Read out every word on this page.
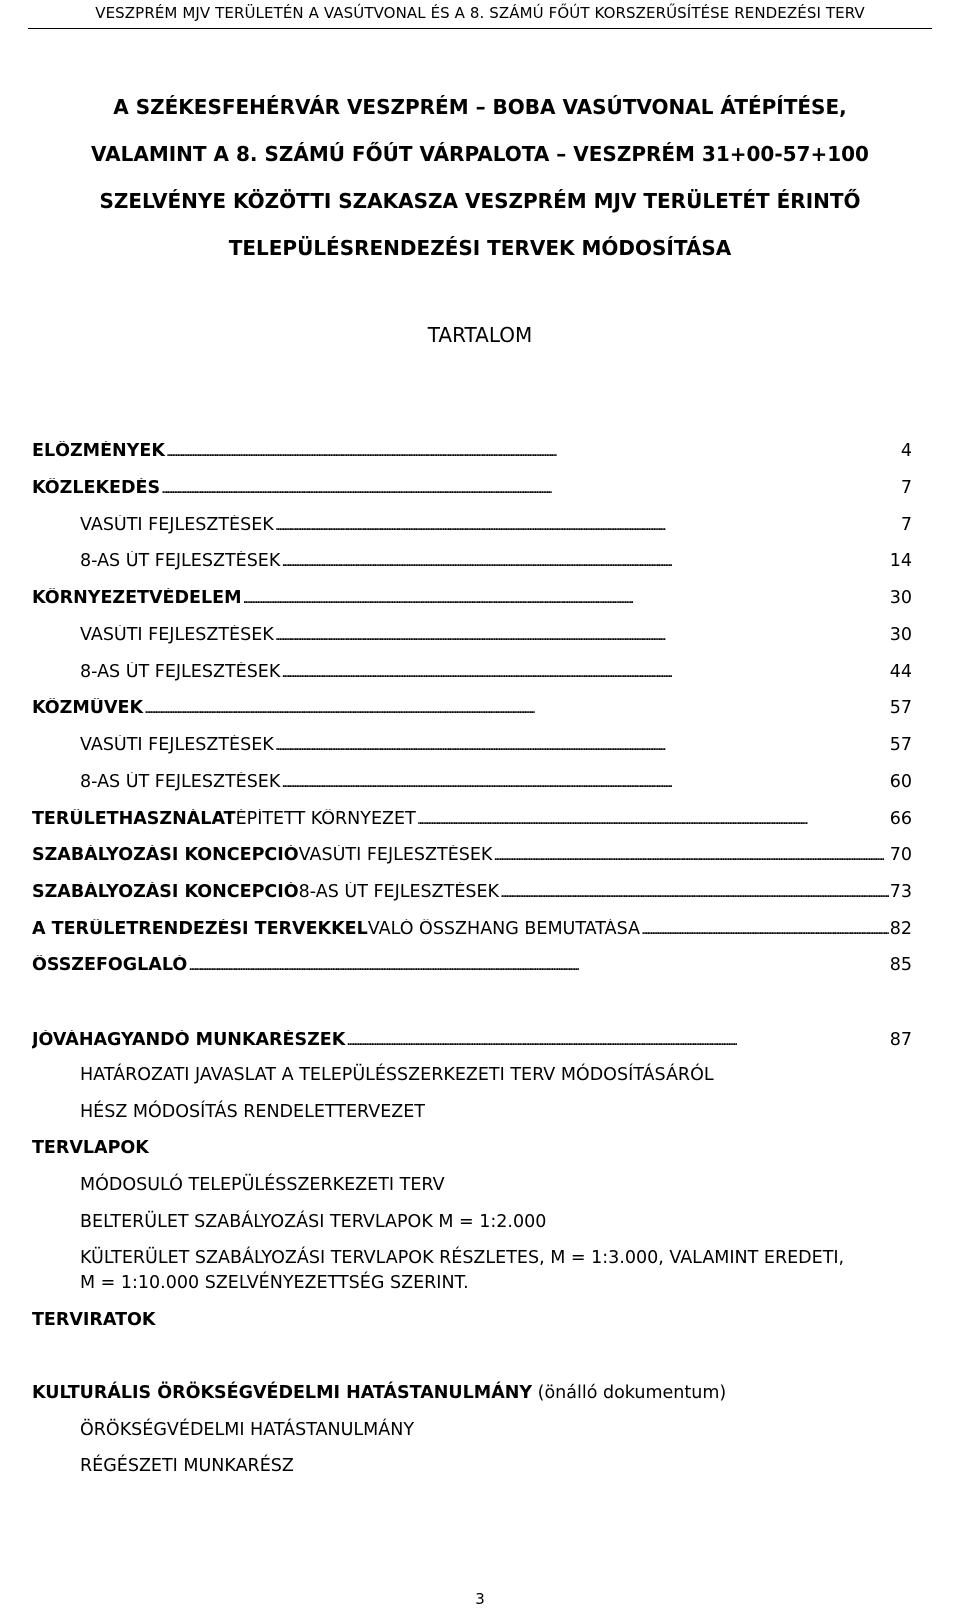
VESZPRÉM MJV TERÜLETÉN A VASÚTVONAL ÉS A 8. SZÁMÚ FŐÚT KORSZERŰSÍTÉSE RENDEZÉSI TERV
A SZÉKESFEHÉRVÁR VESZPRÉM – BOBA VASÚTVONAL ÁTÉPÍTÉSE,
VALAMINT A 8. SZÁMÚ FŐÚT VÁRPALOTA – VESZPRÉM 31+00-57+100
SZELVÉNYE KÖZÖTTI SZAKASZA VESZPRÉM MJV TERÜLETÉT ÉRINTŐ
TELEPÜLÉSRENDEZÉSI TERVEK MÓDOSÍTÁSA
TARTALOM
ELŐZMÉNYEK . . .	4
KÖZLEKEDÉS . . .	7
VASÚTI FEJLESZTÉSEK . . .	7
8-AS ÚT FEJLESZTÉSEK . . .	14
KÖRNYEZETVÉDELEM . . .	30
VASÚTI FEJLESZTÉSEK . . .	30
8-AS ÚT FEJLESZTÉSEK . . .	44
KÖZMŰVEK . . .	57
VASÚTI FEJLESZTÉSEK . . .	57
8-AS ÚT FEJLESZTÉSEK . . .	60
TERÜLETHASZNÁLAT ÉPÍTETT KÖRNYEZET . . .	66
SZABÁLYOZÁSI KONCEPCIÓ VASÚTI FEJLESZTÉSEK . . .	70
SZABÁLYOZÁSI KONCEPCIÓ 8-AS ÚT FEJLESZTÉSEK . . .	73
A TERÜLETRENDEZÉSI TERVEKKEL VALÓ ÖSSZHANG BEMUTATÁSA . . .	82
ÖSSZEFOGLALÓ . . .	85
JÓVÁHAGYANDÓ MUNKARÉSZEK . . .	87
HATÁROZATI JAVASLAT A TELEPÜLÉSSZERKEZETI TERV MÓDOSÍTÁSÁRÓL
HÉSZ MÓDOSÍTÁS RENDELETTERVEZET
TERVLAPOK
MÓDOSULÓ TELEPÜLÉSSZERKEZETI TERV
BELTERÜLET SZABÁLYOZÁSI TERVLAPOK M = 1:2.000
KÜLTERÜLET SZABÁLYOZÁSI TERVLAPOK RÉSZLETES, M = 1:3.000, VALAMINT EREDETI,
M = 1:10.000 SZELVÉNYEZETTSÉG SZERINT.
TERVIRATOK
KULTURÁLIS ÖRÖKSÉGVÉDELMI HATÁSTANULMÁNY (önálló dokumentum)
ÖRÖKSÉGVÉDELMI HATÁSTANULMÁNY
RÉGÉSZETI MUNKARÉSZ
3
